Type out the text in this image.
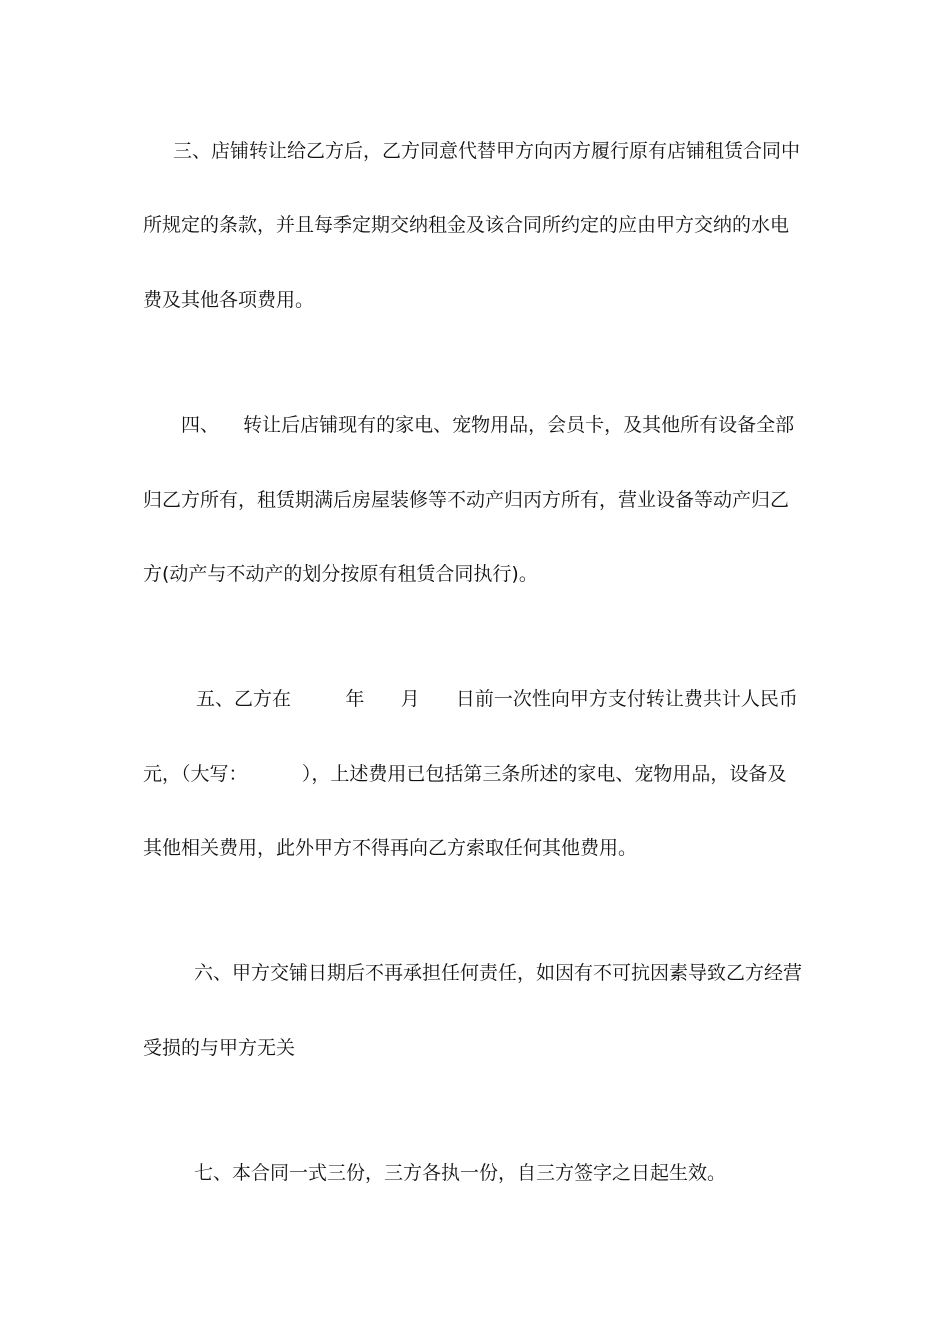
三、店铺转让给乙方后，乙方同意代替甲方向丙方履行原有店铺租赁合同中
所规定的条款，并且每季定期交纳租金及该合同所约定的应由甲方交纳的水电
费及其他各项费用。
四、    转让后店铺现有的家电、宠物用品，会员卡，及其他所有设备全部
归乙方所有，租赁期满后房屋装修等不动产归丙方所有，营业设备等动产归乙
方(动产与不动产的划分按原有租赁合同执行)。
五、乙方在         年      月      日前一次性向甲方支付转让费共计人民币
元，（大写：         ），上述费用已包括第三条所述的家电、宠物用品，设备及
其他相关费用，此外甲方不得再向乙方索取任何其他费用。
六、甲方交铺日期后不再承担任何责任，如因有不可抗因素导致乙方经营
受损的与甲方无关
七、本合同一式三份，三方各执一份，自三方签字之日起生效。
